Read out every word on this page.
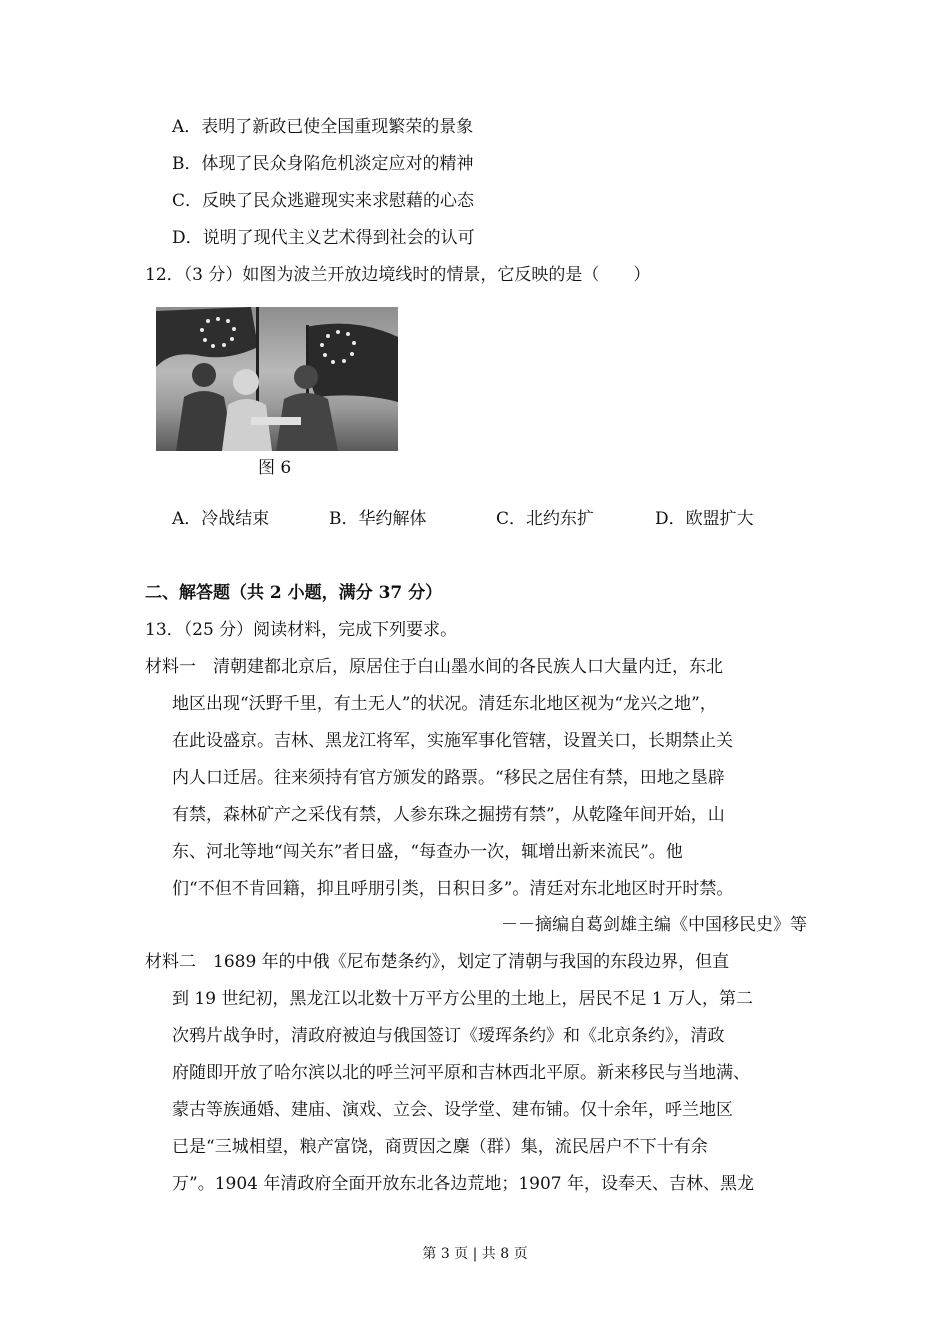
A．表明了新政已使全国重现繁荣的景象
B．体现了民众身陷危机淡定应对的精神
C．反映了民众逃避现实来求慰藉的心态
D．说明了现代主义艺术得到社会的认可
12．（3 分）如图为波兰开放边境线时的情景，它反映的是（　　）
图 6
A．冷战结束	B．华约解体	C．北约东扩	D．欧盟扩大
二、解答题（共 2 小题，满分 37 分）
13．（25 分）阅读材料，完成下列要求。
材料一　清朝建都北京后，原居住于白山墨水间的各民族人口大量内迁，东北
地区出现“沃野千里，有土无人”的状况。清廷东北地区视为“龙兴之地”，
在此设盛京。吉林、黑龙江将军，实施军事化管辖，设置关口，长期禁止关
内人口迁居。往来须持有官方颁发的路票。“移民之居住有禁，田地之垦辟
有禁，森林矿产之采伐有禁，人参东珠之掘捞有禁”，从乾隆年间开始，山
东、河北等地“闯关东”者日盛，“每查办一次，辄增出新来流民”。他
们“不但不肯回籍，抑且呼朋引类，日积日多”。清廷对东北地区时开时禁。
－－摘编自葛剑雄主编《中国移民史》等
材料二　1689 年的中俄《尼布楚条约》，划定了清朝与我国的东段边界，但直
到 19 世纪初，黑龙江以北数十万平方公里的土地上，居民不足 1 万人，第二
次鸦片战争时，清政府被迫与俄国签订《瑷珲条约》和《北京条约》，清政
府随即开放了哈尔滨以北的呼兰河平原和吉林西北平原。新来移民与当地满、
蒙古等族通婚、建庙、演戏、立会、设学堂、建布铺。仅十余年，呼兰地区
已是“三城相望，粮产富饶，商贾因之麇（群）集，流民居户不下十有余
万”。1904 年清政府全面开放东北各边荒地；1907 年，设奉天、吉林、黑龙
第 3 页 | 共 8 页
